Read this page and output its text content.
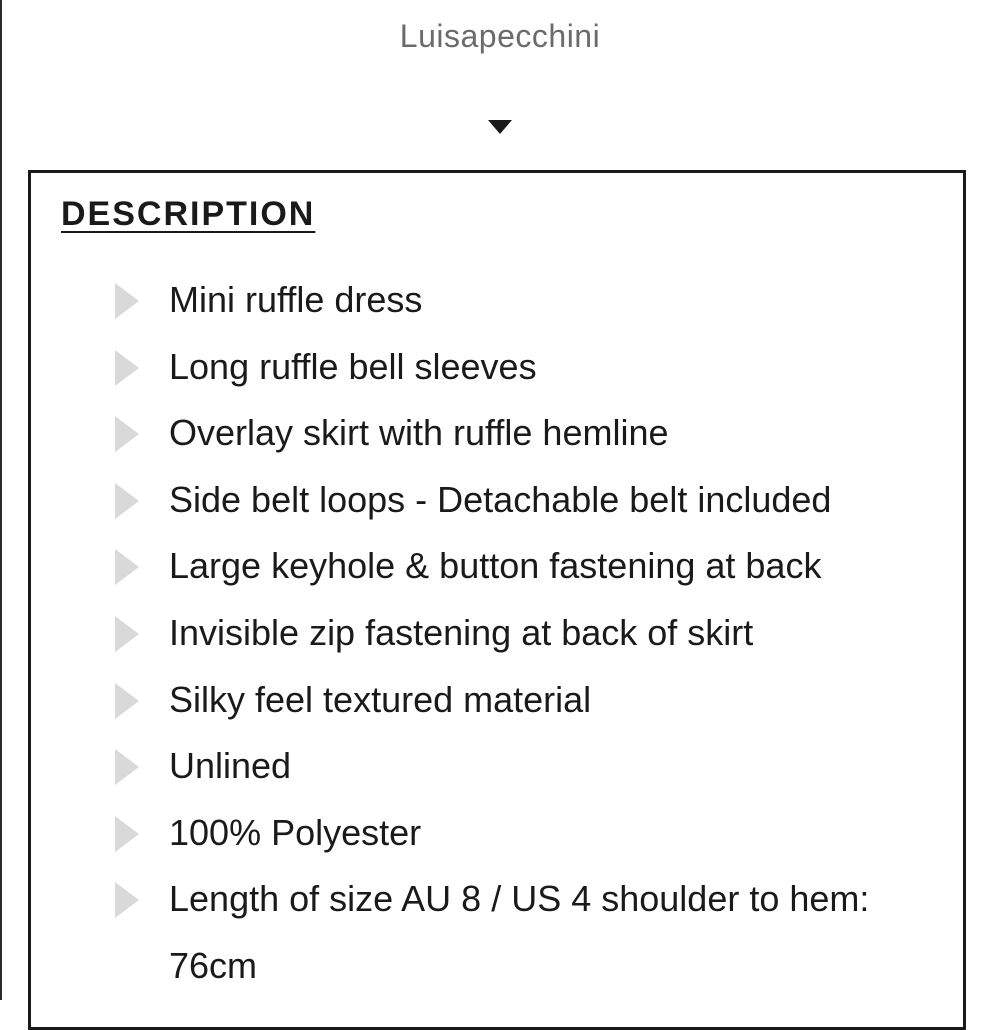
Luisapecchini
DESCRIPTION
Mini ruffle dress
Long ruffle bell sleeves
Overlay skirt with ruffle hemline
Side belt loops - Detachable belt included
Large keyhole & button fastening at back
Invisible zip fastening at back of skirt
Silky feel textured material
Unlined
100% Polyester
Length of size AU 8 / US 4 shoulder to hem: 76cm
